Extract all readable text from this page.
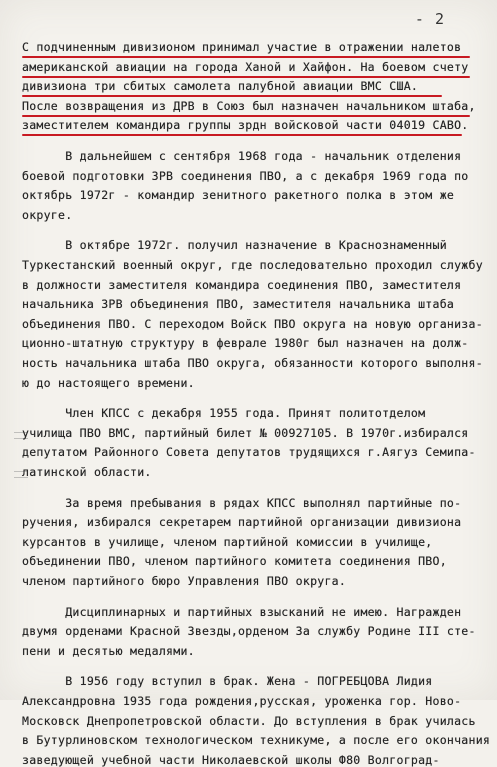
- 2
С подчиненным дивизионом принимал участие в отражении налетов
американской авиации на города Ханой и Хайфон. На боевом счету
дивизиона три сбитых самолета палубной авиации ВМС США.
После возвращения из ДРВ в Союз был назначен начальником штаба,
заместителем командира группы зрдн войсковой части 04019 САВО.
В дальнейшем с сентября 1968 года - начальник отделения
боевой подготовки ЗРВ соединения ПВО, а с декабря 1969 года по
октябрь 1972г - командир зенитного ракетного полка в этом же
округе.
В октябре 1972г. получил назначение в Краснознаменный
Туркестанский военный округ, где последовательно проходил службу
в должности заместителя командира соединения ПВО, заместителя
начальника ЗРВ объединения ПВО, заместителя начальника штаба
объединения ПВО. С переходом Войск ПВО округа на новую организа-
ционно-штатную структуру в феврале 1980г был назначен на долж-
ность начальника штаба ПВО округа, обязанности которого выполня-
ю до настоящего времени.
Член КПСС с декабря 1955 года. Принят политотделом
училища ПВО ВМС, партийный билет № 00927105. В 1970г.избирался
депутатом Районного Совета депутатов трудящихся г.Аягуз Семипа-
латинской области.
За время пребывания в рядах КПСС выполнял партийные по-
ручения, избирался секретарем партийной организации дивизиона
курсантов в училище, членом партийной комиссии в училище,
объединении ПВО, членом партийного комитета соединения ПВО,
членом партийного бюро Управления ПВО округа.
Дисциплинарных и партийных взысканий не имею. Награжден
двумя орденами Красной Звезды,орденом За службу Родине III сте-
пени и десятью медалями.
В 1956 году вступил в брак. Жена - ПОГРЕБЦОВА Лидия
Александровна 1935 года рождения,русская, уроженка гор. Ново-
Московск Днепропетровской области. До вступления в брак училась
в Бутурлиновском технологическом техникуме, а после его окончания
заведующей учебной части Николаевской школы Ф80 Волгоград-
